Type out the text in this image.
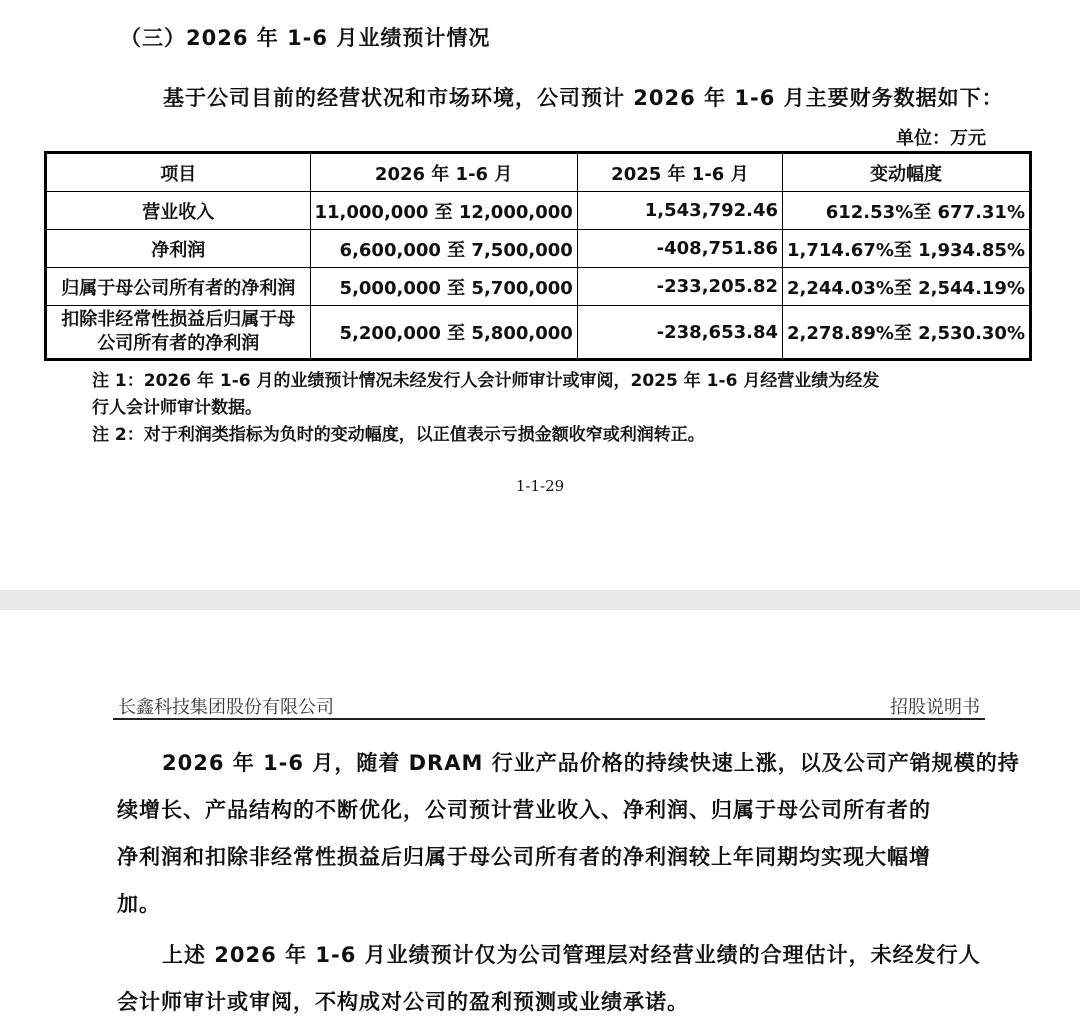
（三）2026 年 1-6 月业绩预计情况
基于公司目前的经营状况和市场环境，公司预计 2026 年 1-6 月主要财务数据如下：
单位：万元
项目	2026 年 1-6 月	2025 年 1-6 月	变动幅度
营业收入	11,000,000 至 12,000,000	1,543,792.46	612.53%至 677.31%
净利润	6,600,000 至 7,500,000	-408,751.86	1,714.67%至 1,934.85%
归属于母公司所有者的净利润	5,000,000 至 5,700,000	-233,205.82	2,244.03%至 2,544.19%
扣除非经常性损益后归属于母
公司所有者的净利润	5,200,000 至 5,800,000	-238,653.84	2,278.89%至 2,530.30%
注 1：2026 年 1-6 月的业绩预计情况未经发行人会计师审计或审阅，2025 年 1-6 月经营业绩为经发
行人会计师审计数据。
注 2：对于利润类指标为负时的变动幅度，以正值表示亏损金额收窄或利润转正。
1-1-29
长鑫科技集团股份有限公司	招股说明书
2026 年 1-6 月，随着 DRAM 行业产品价格的持续快速上涨，以及公司产销规模的持
续增长、产品结构的不断优化，公司预计营业收入、净利润、归属于母公司所有者的
净利润和扣除非经常性损益后归属于母公司所有者的净利润较上年同期均实现大幅增
加。
上述 2026 年 1-6 月业绩预计仅为公司管理层对经营业绩的合理估计，未经发行人
会计师审计或审阅，不构成对公司的盈利预测或业绩承诺。
